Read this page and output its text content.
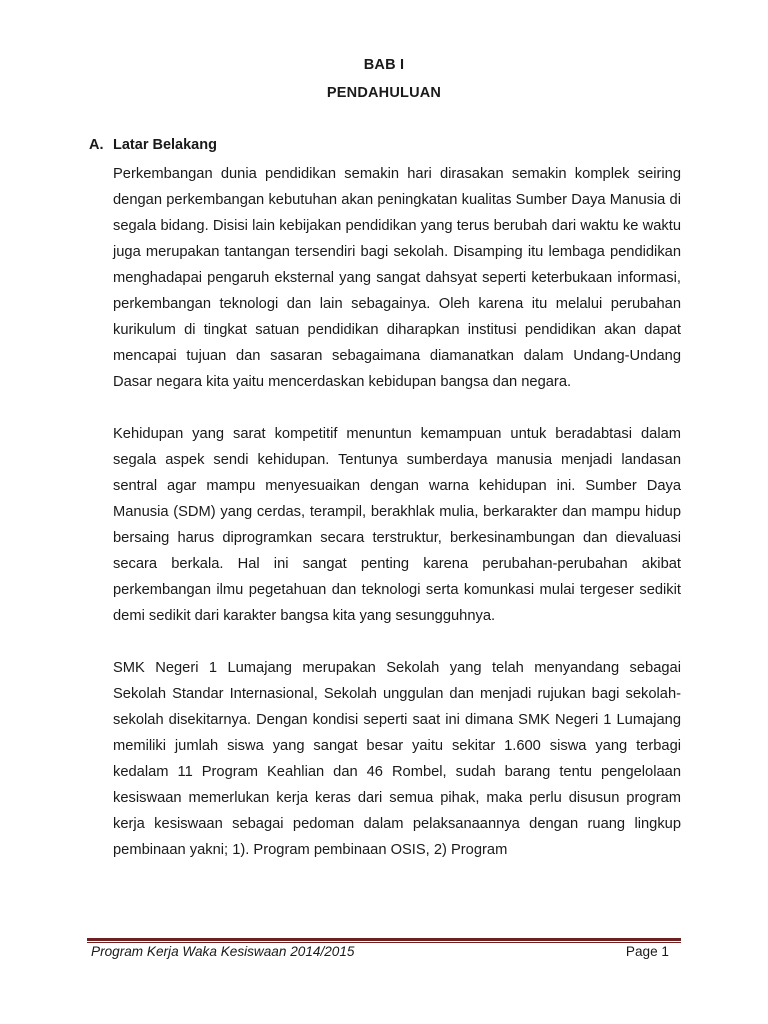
BAB I
PENDAHULUAN
A. Latar Belakang

Perkembangan dunia pendidikan semakin hari dirasakan semakin komplek seiring dengan perkembangan kebutuhan akan peningkatan kualitas Sumber Daya Manusia di segala bidang. Disisi lain kebijakan pendidikan yang terus berubah dari waktu ke waktu juga merupakan tantangan tersendiri bagi sekolah. Disamping itu lembaga pendidikan menghadapai pengaruh eksternal yang sangat dahsyat seperti keterbukaan informasi, perkembangan teknologi dan lain sebagainya. Oleh karena itu melalui perubahan kurikulum di tingkat satuan pendidikan diharapkan institusi pendidikan akan dapat mencapai tujuan dan sasaran sebagaimana diamanatkan dalam Undang-Undang Dasar negara kita yaitu mencerdaskan kebidupan bangsa dan negara.

Kehidupan yang sarat kompetitif menuntun kemampuan untuk beradabtasi dalam segala aspek sendi kehidupan. Tentunya sumberdaya manusia menjadi landasan sentral agar mampu menyesuaikan dengan warna kehidupan ini. Sumber Daya Manusia (SDM) yang cerdas, terampil, berakhlak mulia, berkarakter dan mampu hidup bersaing harus diprogramkan secara terstruktur, berkesinambungan dan dievaluasi secara berkala. Hal ini sangat penting karena perubahan-perubahan akibat perkembangan ilmu pegetahuan dan teknologi serta komunkasi mulai tergeser sedikit demi sedikit dari karakter bangsa kita yang sesungguhnya.

SMK Negeri 1 Lumajang merupakan Sekolah yang telah menyandang sebagai Sekolah Standar Internasional, Sekolah unggulan dan menjadi rujukan bagi sekolah-sekolah disekitarnya. Dengan kondisi seperti saat ini dimana SMK Negeri 1 Lumajang memiliki jumlah siswa yang sangat besar yaitu sekitar 1.600 siswa yang terbagi kedalam 11 Program Keahlian dan 46 Rombel, sudah barang tentu pengelolaan kesiswaan memerlukan kerja keras dari semua pihak, maka perlu disusun program kerja kesiswaan sebagai pedoman dalam pelaksanaannya dengan ruang lingkup pembinaan yakni; 1). Program pembinaan OSIS, 2) Program

Program Kerja Waka Kesiswaan 2014/2015	Page 1
